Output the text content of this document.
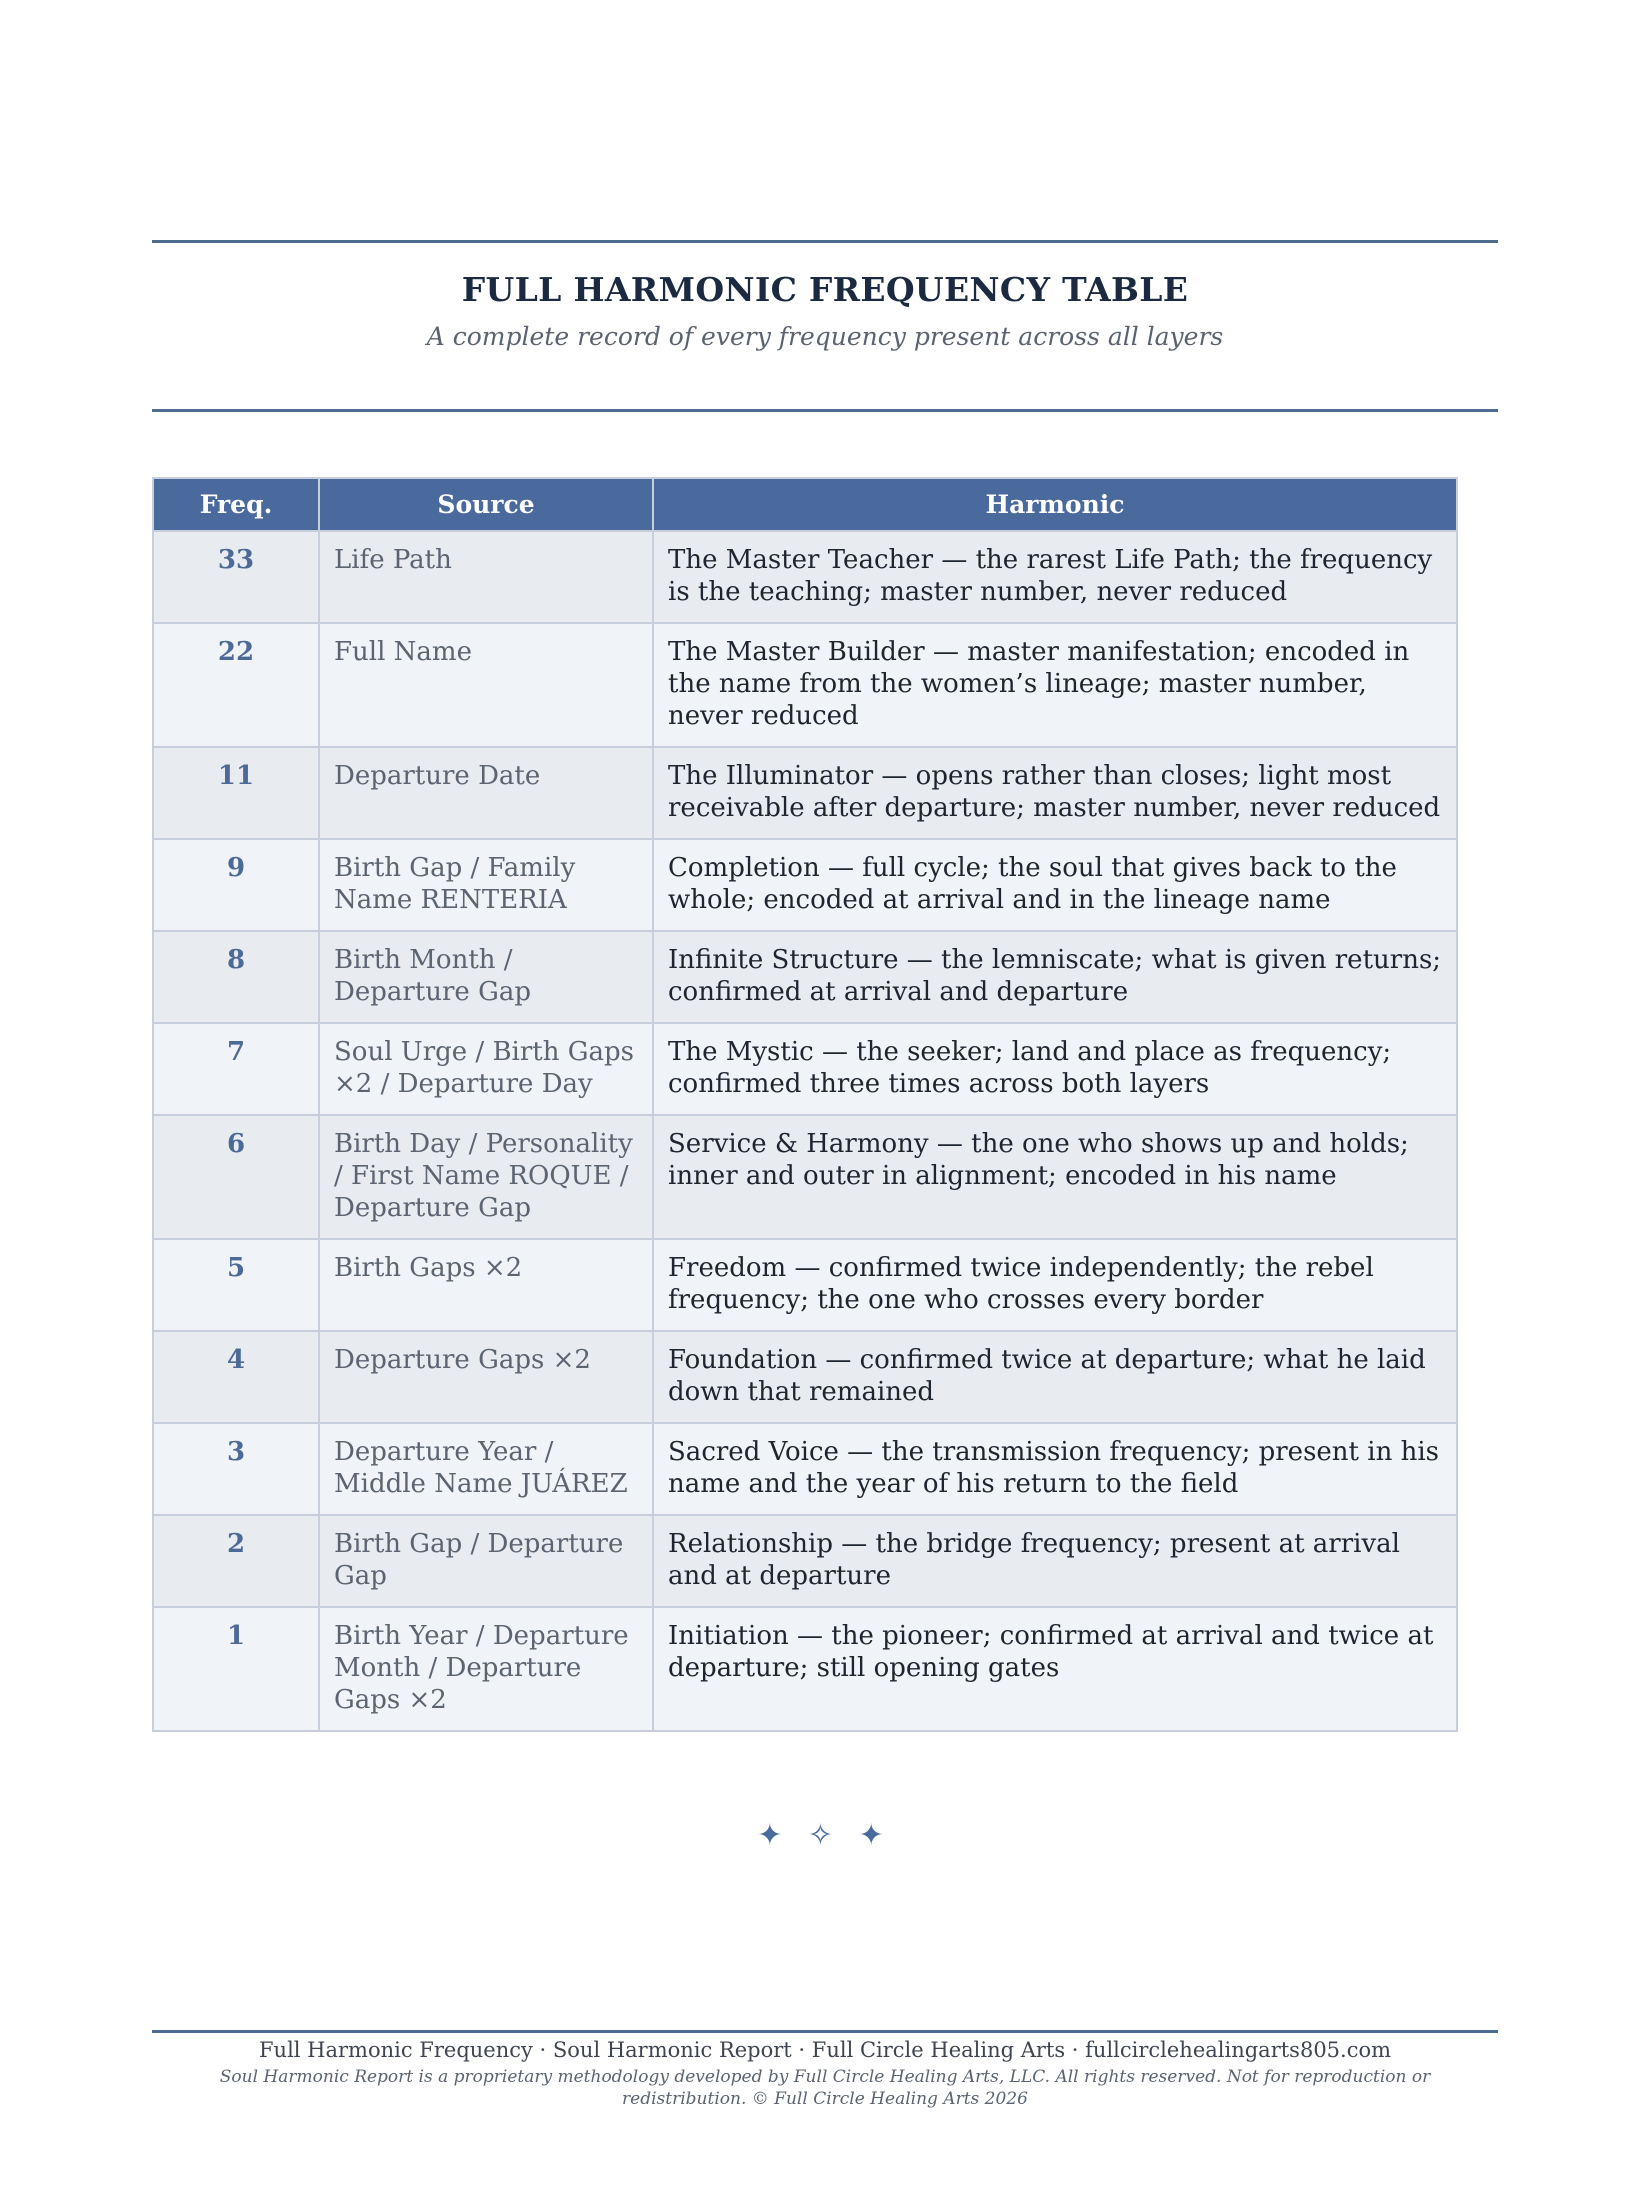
FULL HARMONIC FREQUENCY TABLE
A complete record of every frequency present across all layers
Freq.	Source	Harmonic
33	Life Path	The Master Teacher — the rarest Life Path; the frequency is the teaching; master number, never reduced
22	Full Name	The Master Builder — master manifestation; encoded in the name from the women’s lineage; master number, never reduced
11	Departure Date	The Illuminator — opens rather than closes; light most receivable after departure; master number, never reduced
9	Birth Gap / Family Name RENTERIA	Completion — full cycle; the soul that gives back to the whole; encoded at arrival and in the lineage name
8	Birth Month / Departure Gap	Infinite Structure — the lemniscate; what is given returns; confirmed at arrival and departure
7	Soul Urge / Birth Gaps ×2 / Departure Day	The Mystic — the seeker; land and place as frequency; confirmed three times across both layers
6	Birth Day / Personality / First Name ROQUE / Departure Gap	Service & Harmony — the one who shows up and holds; inner and outer in alignment; encoded in his name
5	Birth Gaps ×2	Freedom — confirmed twice independently; the rebel frequency; the one who crosses every border
4	Departure Gaps ×2	Foundation — confirmed twice at departure; what he laid down that remained
3	Departure Year / Middle Name JUÁREZ	Sacred Voice — the transmission frequency; present in his name and the year of his return to the field
2	Birth Gap / Departure Gap	Relationship — the bridge frequency; present at arrival and at departure
1	Birth Year / Departure Month / Departure Gaps ×2	Initiation — the pioneer; confirmed at arrival and twice at departure; still opening gates
✦ ✧ ✦
Full Harmonic Frequency · Soul Harmonic Report · Full Circle Healing Arts · fullcirclehealingarts805.com
Soul Harmonic Report is a proprietary methodology developed by Full Circle Healing Arts, LLC. All rights reserved. Not for reproduction or redistribution. © Full Circle Healing Arts 2026
